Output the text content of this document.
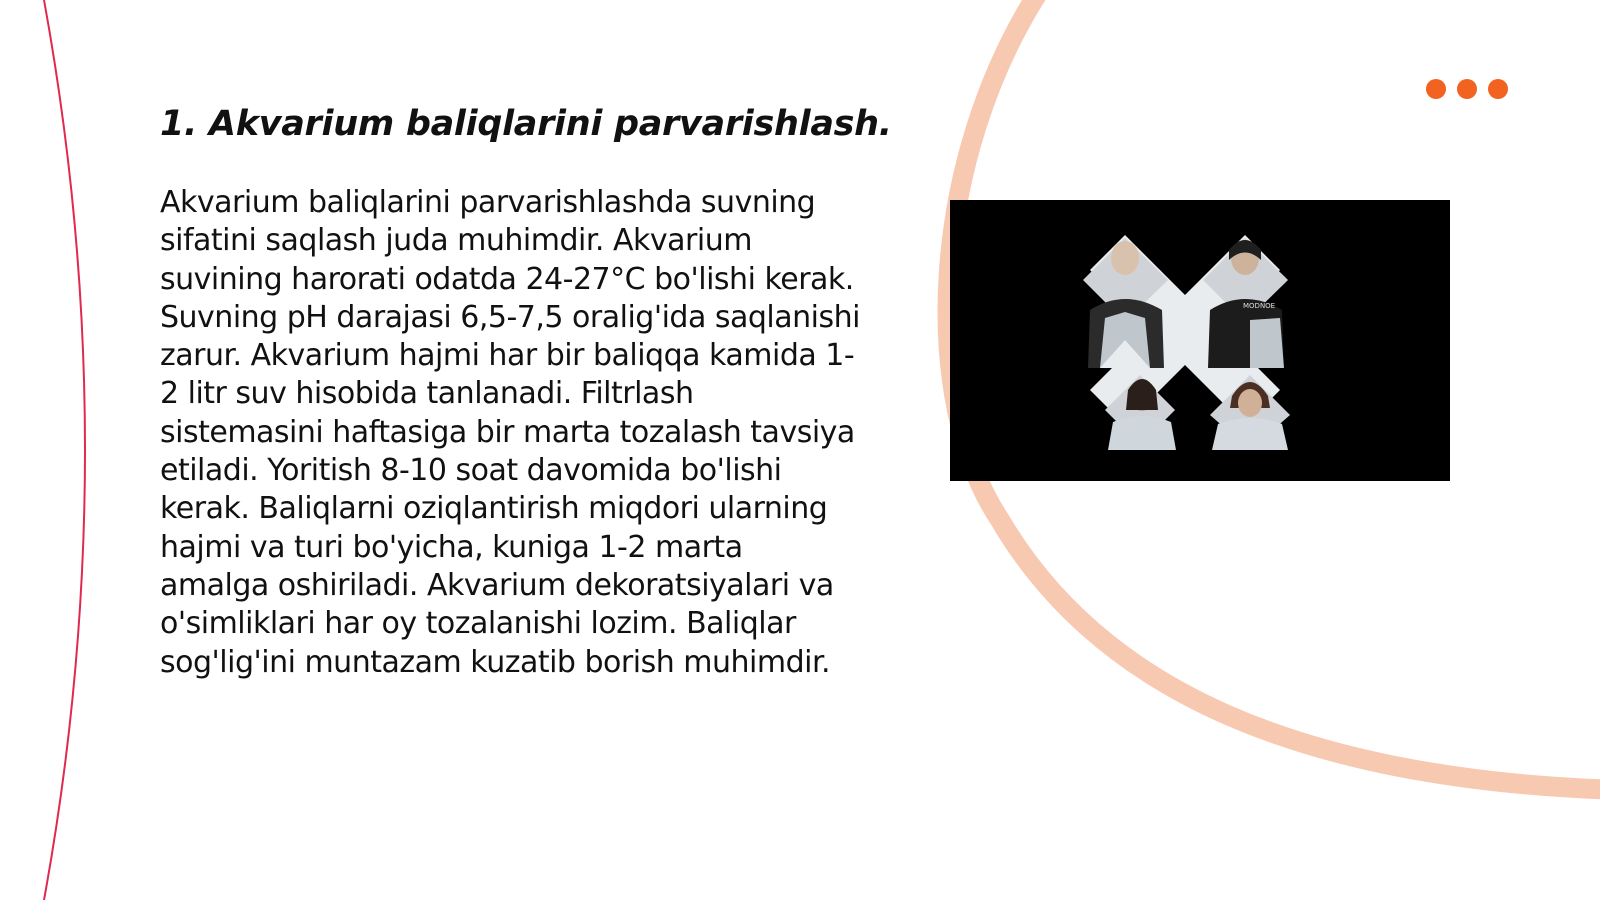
1. Akvarium baliqlarini parvarishlash.

Akvarium baliqlarini parvarishlashda suvning sifatini saqlash juda muhimdir. Akvarium suvining harorati odatda 24-27°C bo'lishi kerak. Suvning pH darajasi 6,5-7,5 oralig'ida saqlanishi zarur. Akvarium hajmi har bir baliqqa kamida 1-2 litr suv hisobida tanlanadi. Filtrlash sistemasini haftasiga bir marta tozalash tavsiya etiladi. Yoritish 8-10 soat davomida bo'lishi kerak. Baliqlarni oziqlantirish miqdori ularning hajmi va turi bo'yicha, kuniga 1-2 marta amalga oshiriladi. Akvarium dekoratsiyalari va o'simliklari har oy tozalanishi lozim. Baliqlar sog'lig'ini muntazam kuzatib borish muhimdir.

MODNOE
